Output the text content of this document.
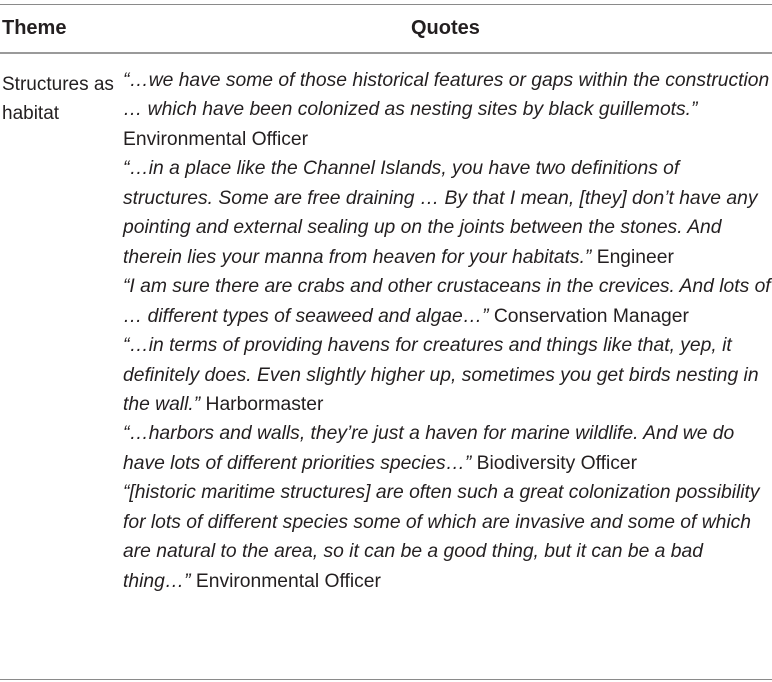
Theme	Quotes
Structures as habitat

“…we have some of those historical features or gaps within the construction … which have been colonized as nesting sites by black guillemots.” Environmental Officer

“…in a place like the Channel Islands, you have two definitions of structures. Some are free draining … By that I mean, [they] don’t have any pointing and external sealing up on the joints between the stones. And therein lies your manna from heaven for your habitats.” Engineer

“I am sure there are crabs and other crustaceans in the crevices. And lots of … different types of seaweed and algae…” Conservation Manager

“…in terms of providing havens for creatures and things like that, yep, it definitely does. Even slightly higher up, sometimes you get birds nesting in the wall.” Harbormaster

“…harbors and walls, they’re just a haven for marine wildlife. And we do have lots of different priorities species…” Biodiversity Officer

“[historic maritime structures] are often such a great colonization possibility for lots of different species some of which are invasive and some of which are natural to the area, so it can be a good thing, but it can be a bad thing…” Environmental Officer
